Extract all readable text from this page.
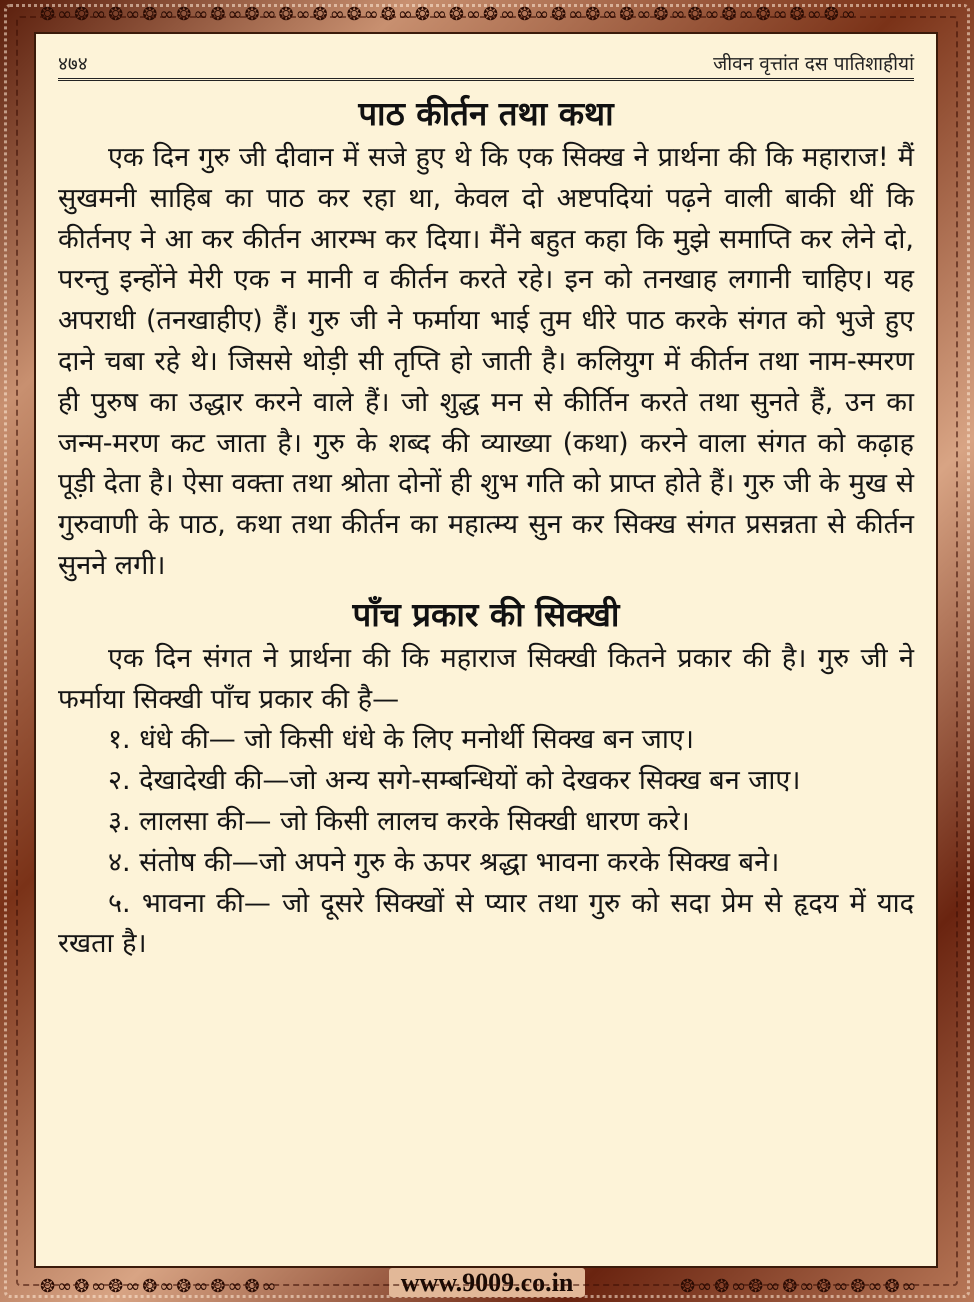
❂∞❂∞❂∞❂∞❂∞❂∞❂∞❂∞❂∞❂∞❂∞❂∞❂∞❂∞❂∞❂∞❂∞❂∞❂∞❂∞❂∞❂∞❂∞❂∞
❂∞❂∞❂∞❂∞❂∞❂∞❂∞	❂∞❂∞❂∞❂∞❂∞❂∞❂∞
४७४	जीवन वृत्तांत दस पातिशाहीयां
पाठ कीर्तन तथा कथा

एक दिन गुरु जी दीवान में सजे हुए थे कि एक सिक्ख ने प्रार्थना की कि महाराज! मैं सुखमनी साहिब का पाठ कर रहा था, केवल दो अष्टपदियां पढ़ने वाली बाकी थीं कि कीर्तनए ने आ कर कीर्तन आरम्भ कर दिया। मैंने बहुत कहा कि मुझे समाप्ति कर लेने दो, परन्तु इन्होंने मेरी एक न मानी व कीर्तन करते रहे। इन को तनखाह लगानी चाहिए। यह अपराधी (तनखाहीए) हैं। गुरु जी ने फर्माया भाई तुम धीरे पाठ करके संगत को भुजे हुए दाने चबा रहे थे। जिससे थोड़ी सी तृप्ति हो जाती है। कलियुग में कीर्तन तथा नाम-स्मरण ही पुरुष का उद्धार करने वाले हैं। जो शुद्ध मन से कीर्तिन करते तथा सुनते हैं, उन का जन्म-मरण कट जाता है। गुरु के शब्द की व्याख्या (कथा) करने वाला संगत को कढ़ाह पूड़ी देता है। ऐसा वक्ता तथा श्रोता दोनों ही शुभ गति को प्राप्त होते हैं। गुरु जी के मुख से गुरुवाणी के पाठ, कथा तथा कीर्तन का महात्म्य सुन कर सिक्ख संगत प्रसन्नता से कीर्तन सुनने लगी।

पाँच प्रकार की सिक्खी

एक दिन संगत ने प्रार्थना की कि महाराज सिक्खी कितने प्रकार की है। गुरु जी ने फर्माया सिक्खी पाँच प्रकार की है—

१. धंधे की— जो किसी धंधे के लिए मनोर्थी सिक्ख बन जाए।

२. देखादेखी की—जो अन्य सगे-सम्बन्धियों को देखकर सिक्ख बन जाए।

३. लालसा की— जो किसी लालच करके सिक्खी धारण करे।

४. संतोष की—जो अपने गुरु के ऊपर श्रद्धा भावना करके सिक्ख बने।

५. भावना की— जो दूसरे सिक्खों से प्यार तथा गुरु को सदा प्रेम से हृदय में याद रखता है।

www.9009.co.in
